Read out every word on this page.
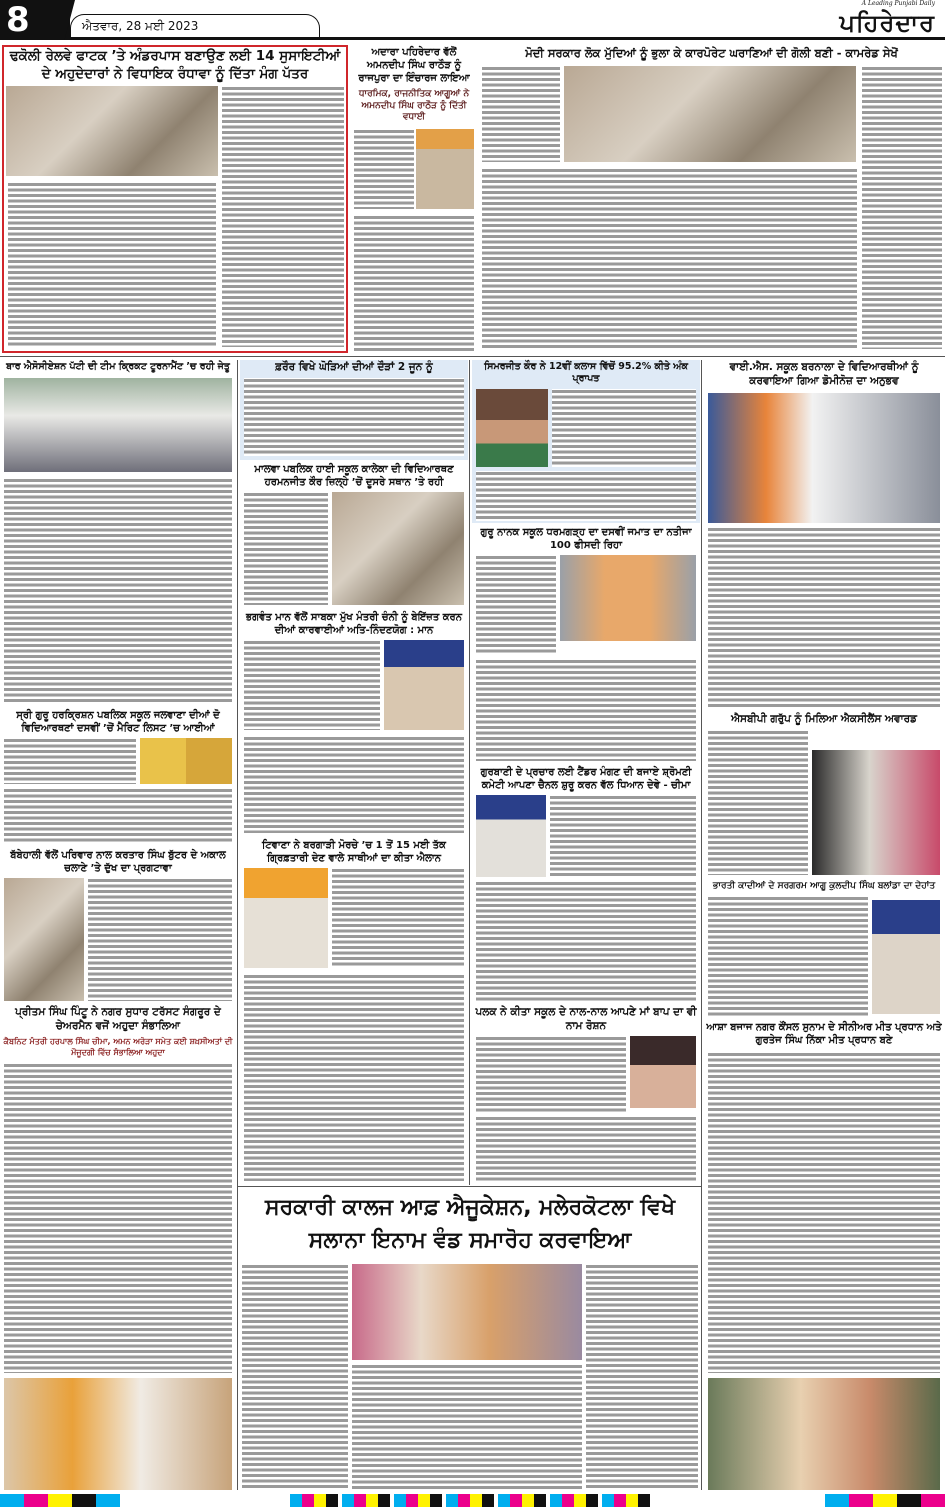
8	ਐਤਵਾਰ, 28 ਮਈ 2023
A Leading Punjabi Daily
ਪਹਿਰੇਦਾਰ
ਢਕੋਲੀ ਰੇਲਵੇ ਫਾਟਕ ’ਤੇ ਅੰਡਰਪਾਸ ਬਣਾਉਣ ਲਈ 14 ਸੁਸਾਇਟੀਆਂ ਦੇ ਅਹੁਦੇਦਾਰਾਂ ਨੇ ਵਿਧਾਇਕ ਰੰਧਾਵਾ ਨੂੰ ਦਿੱਤਾ ਮੰਗ ਪੱਤਰ
ਅਦਾਰਾ ਪਹਿਰੇਦਾਰ ਵੱਲੋਂ ਅਮਨਦੀਪ ਸਿੰਘ ਰਾਠੌੜ ਨੂੰ ਰਾਜਪੁਰਾ ਦਾ ਇੰਚਾਰਜ ਲਾਇਆ
ਧਾਰਮਿਕ, ਰਾਜਨੀਤਿਕ ਆਗੂਆਂ ਨੇ ਅਮਨਦੀਪ ਸਿੰਘ ਰਾਠੌੜ ਨੂੰ ਦਿੱਤੀ ਵਧਾਈ
ਮੋਦੀ ਸਰਕਾਰ ਲੋਕ ਮੁੱਦਿਆਂ ਨੂੰ ਭੁਲਾ ਕੇ ਕਾਰਪੋਰੇਟ ਘਰਾਣਿਆਂ ਦੀ ਗੋਲੀ ਬਣੀ - ਕਾਮਰੇਡ ਸੇਖੋਂ
ਬਾਰ ਐਸੋਸੀਏਸ਼ਨ ਪੱਟੀ ਦੀ ਟੀਮ ਕ੍ਰਿਕਟ ਟੂਰਨਾਮੈਂਟ ’ਚ ਰਹੀ ਜੇਤੂ
ਸ੍ਰੀ ਗੁਰੂ ਹਰਕ੍ਰਿਸ਼ਨ ਪਬਲਿਕ ਸਕੂਲ ਜਲਵਾਣਾ ਦੀਆਂ ਦੋ ਵਿਦਿਆਰਥਣਾਂ ਦਸਵੀਂ ’ਚੋਂ ਮੈਰਿਟ ਲਿਸਟ ’ਚ ਆਈਆਂ
ਬੱਬੇਹਾਲੀ ਵੱਲੋਂ ਪਰਿਵਾਰ ਨਾਲ ਕਰਤਾਰ ਸਿੰਘ ਬੁੱਟਰ ਦੇ ਅਕਾਲ ਚਲਾਣੇ ’ਤੇ ਦੁੱਖ ਦਾ ਪ੍ਰਗਟਾਵਾ
ਪ੍ਰੀਤਮ ਸਿੰਘ ਪਿੰਟੂ ਨੇ ਨਗਰ ਸੁਧਾਰ ਟਰੱਸਟ ਸੰਗਰੂਰ ਦੇ ਚੇਅਰਮੈਨ ਵਜੋਂ ਅਹੁਦਾ ਸੰਭਾਲਿਆ
ਕੈਬਨਿਟ ਮੰਤਰੀ ਹਰਪਾਲ ਸਿੰਘ ਚੀਮਾ, ਅਮਨ ਅਰੋੜਾ ਸਮੇਤ ਕਈ ਸ਼ਖ਼ਸੀਅਤਾਂ ਦੀ ਮੌਜੂਦਗੀ ਵਿੱਚ ਸੰਭਾਲਿਆ ਅਹੁਦਾ
ਫ਼ਰੌਰ ਵਿਖੇ ਘੋੜਿਆਂ ਦੀਆਂ ਦੌੜਾਂ 2 ਜੂਨ ਨੂੰ
ਮਾਲਵਾ ਪਬਲਿਕ ਹਾਈ ਸਕੂਲ ਕਾਲੇਕਾ ਦੀ ਵਿਦਿਆਰਥਣ ਹਰਮਨਜੀਤ ਕੌਰ ਜ਼ਿਲ੍ਹੇ ’ਚੋਂ ਦੂਸਰੇ ਸਥਾਨ ’ਤੇ ਰਹੀ
ਭਗਵੰਤ ਮਾਨ ਵੱਲੋਂ ਸਾਬਕਾ ਮੁੱਖ ਮੰਤਰੀ ਚੰਨੀ ਨੂੰ ਬੇਇੱਜ਼ਤ ਕਰਨ ਦੀਆਂ ਕਾਰਵਾਈਆਂ ਅਤਿ-ਨਿੰਦਣਯੋਗ : ਮਾਨ
ਟਿਵਾਣਾ ਨੇ ਬਰਗਾੜੀ ਮੋਰਚੇ ’ਚ 1 ਤੋਂ 15 ਮਈ ਤੱਕ ਗ੍ਰਿਫ਼ਤਾਰੀ ਦੇਣ ਵਾਲੇ ਸਾਥੀਆਂ ਦਾ ਕੀਤਾ ਐਲਾਨ
ਸਿਮਰਜੀਤ ਕੌਰ ਨੇ 12ਵੀਂ ਕਲਾਸ ਵਿੱਚੋਂ 95.2% ਕੀਤੇ ਅੰਕ ਪ੍ਰਾਪਤ
ਗੁਰੂ ਨਾਨਕ ਸਕੂਲ ਧਰਮਗੜ੍ਹ ਦਾ ਦਸਵੀਂ ਜਮਾਤ ਦਾ ਨਤੀਜਾ 100 ਫੀਸਦੀ ਰਿਹਾ
ਗੁਰਬਾਣੀ ਦੇ ਪ੍ਰਚਾਰ ਲਈ ਟੈਂਡਰ ਮੰਗਣ ਦੀ ਬਜਾਏ ਸ਼੍ਰੋਮਣੀ ਕਮੇਟੀ ਆਪਣਾ ਚੈਨਲ ਸ਼ੁਰੂ ਕਰਨ ਵੱਲ ਧਿਆਨ ਦੇਵੇ - ਚੀਮਾ
ਪਲਕ ਨੇ ਕੀਤਾ ਸਕੂਲ ਦੇ ਨਾਲ-ਨਾਲ ਆਪਣੇ ਮਾਂ ਬਾਪ ਦਾ ਵੀ ਨਾਮ ਰੋਸ਼ਨ
ਵਾਈ.ਐਸ. ਸਕੂਲ ਬਰਨਾਲਾ ਦੇ ਵਿਦਿਆਰਥੀਆਂ ਨੂੰ ਕਰਵਾਇਆ ਗਿਆ ਡੋਮੀਨੋਜ਼ ਦਾ ਅਨੁਭਵ
ਐਸਬੀਪੀ ਗਰੁੱਪ ਨੂੰ ਮਿਲਿਆ ਐਕਸੀਲੈਂਸ ਅਵਾਰਡ
ਭਾਰਤੀ ਕਾਦੀਆਂ ਦੇ ਸਰਗਰਮ ਆਗੂ ਕੁਲਦੀਪ ਸਿੰਘ ਬਲਾਂਡਾ ਦਾ ਦੇਹਾਂਤ
ਆਸ਼ਾ ਬਜਾਜ ਨਗਰ ਕੌਂਸਲ ਸੁਨਾਮ ਦੇ ਸੀਨੀਅਰ ਮੀਤ ਪ੍ਰਧਾਨ ਅਤੇ ਗੁਰਤੇਜ ਸਿੰਘ ਨਿੱਕਾ ਮੀਤ ਪ੍ਰਧਾਨ ਬਣੇ
ਸਰਕਾਰੀ ਕਾਲਜ ਆਫ਼ ਐਜੂਕੇਸ਼ਨ, ਮਲੇਰਕੋਟਲਾ ਵਿਖੇ ਸਲਾਨਾ ਇਨਾਮ ਵੰਡ ਸਮਾਰੋਹ ਕਰਵਾਇਆ
